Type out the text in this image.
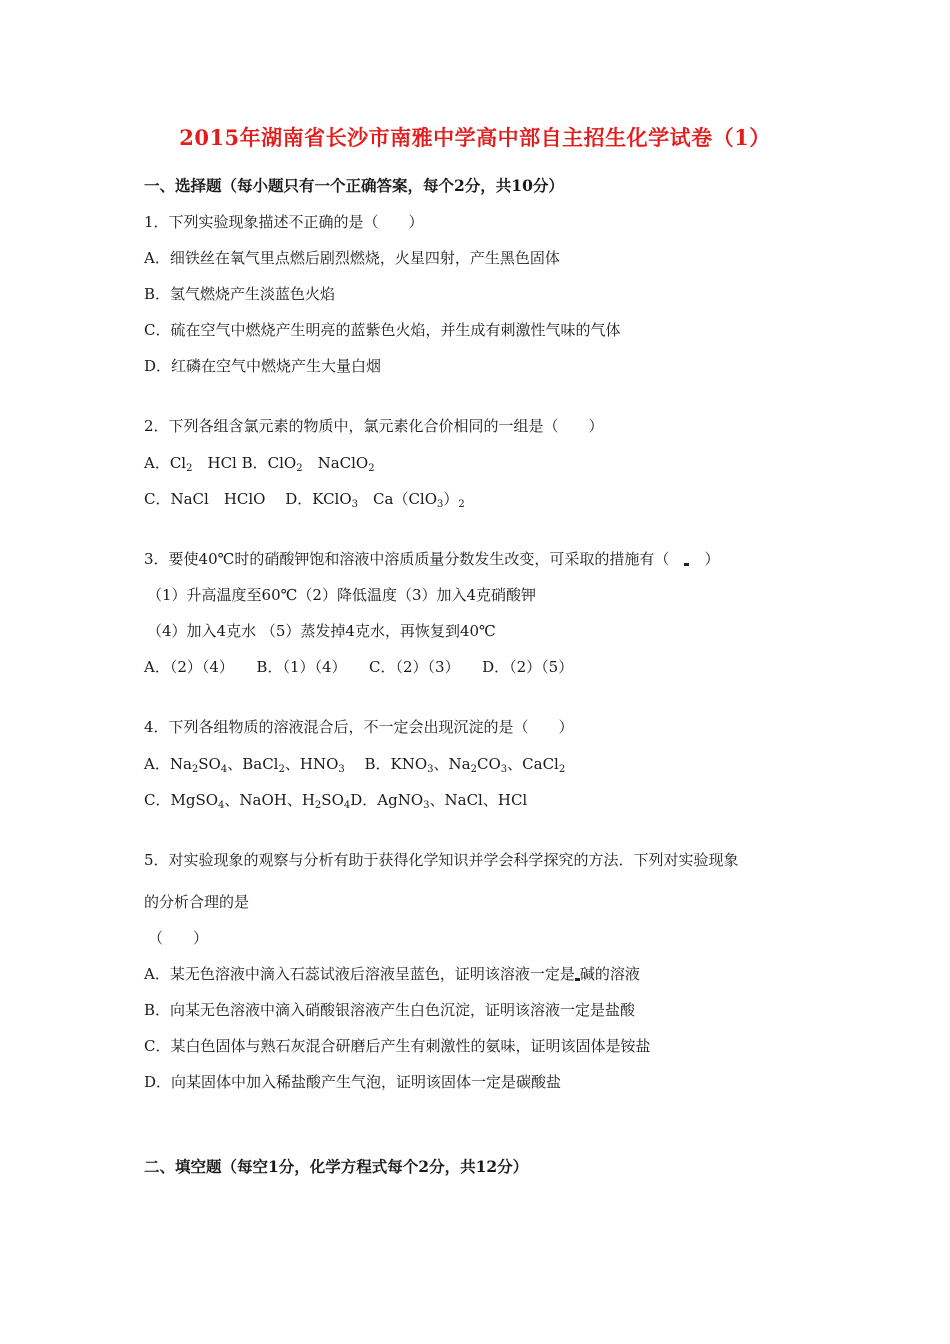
2015年湖南省长沙市南雅中学高中部自主招生化学试卷（1）
一、选择题（每小题只有一个正确答案，每个2分，共10分）
1．下列实验现象描述不正确的是（　　）
A．细铁丝在氧气里点燃后剧烈燃烧，火星四射，产生黑色固体
B．氢气燃烧产生淡蓝色火焰
C．硫在空气中燃烧产生明亮的蓝紫色火焰，并生成有刺激性气味的气体
D．红磷在空气中燃烧产生大量白烟
2．下列各组含氯元素的物质中，氯元素化合价相同的一组是（　　）
A．$Cl_2$　HCl B．ClO$_2$　NaClO$_2$
C．NaCl　HClO　 D．KClO$_3$　$Ca(ClO_3)_2$
3．要使40℃时的硝酸钾饱和溶液中溶质质量分数发生改变，可采取的措施有（　　 ）
（1）升高温度至60℃（2）降低温度（3）加入4克硝酸钾
（4）加入4克水 （5）蒸发掉4克水，再恢复到40℃
A．（2）（4）　　B．（1）（4）　　C．（2）（3）　　D．（2）（5）
4．下列各组物质的溶液混合后，不一定会出现沉淀的是（　　）
A．$Na_2SO_4$、BaCl$_2$、$HNO_3$　 B．$KNO_3$、$Na_2CO_3$、CaCl$_2$
C．MgSO$_4$、NaOH、$H_2SO_4D$．AgNO$_3$、NaCl、HCl
5．对实验现象的观察与分析有助于获得化学知识并学会科学探究的方法．下列对实验现象
的分析合理的是
（　　）
A．某无色溶液中滴入石蕊试液后溶液呈蓝色，证明该溶液一定是 碱的溶液
B．向某无色溶液中滴入硝酸银溶液产生白色沉淀，证明该溶液一定是盐酸
C．某白色固体与熟石灰混合研磨后产生有刺激性的氨味，证明该固体是铵盐
D．向某固体中加入稀盐酸产生气泡，证明该固体一定是碳酸盐
二、填空题（每空1分，化学方程式每个2分，共12分）
